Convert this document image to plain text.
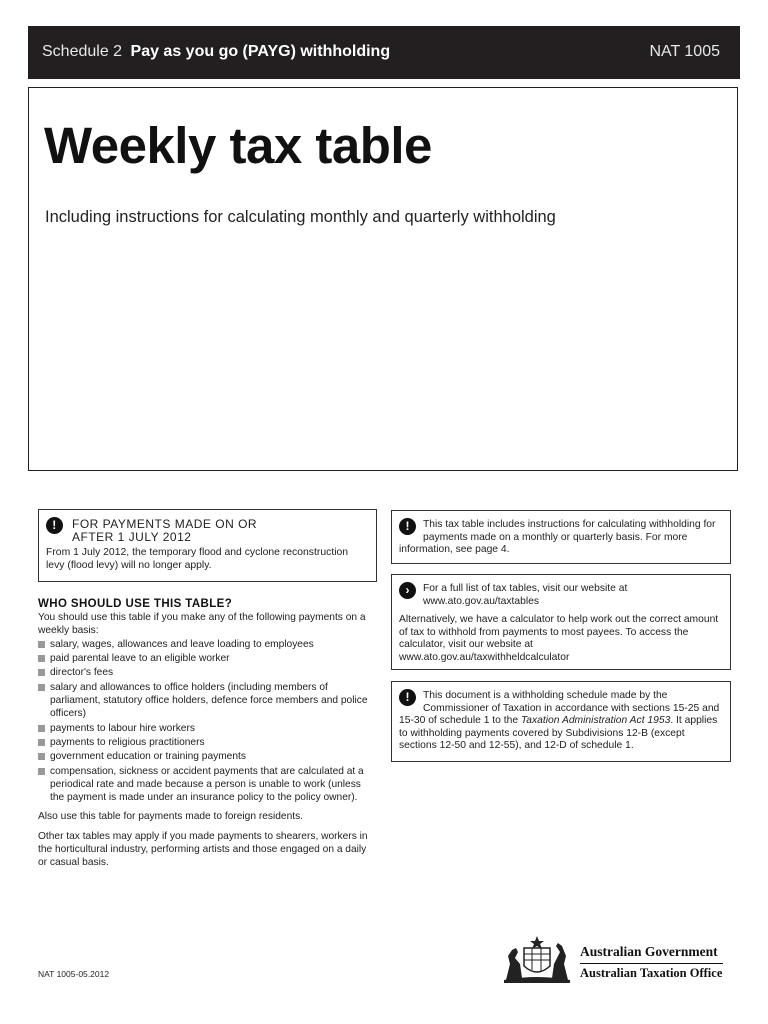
Schedule 2 Pay as you go (PAYG) withholding	NAT 1005
Weekly tax table
Including instructions for calculating monthly and quarterly withholding
!	FOR PAYMENTS MADE ON OR
AFTER 1 JULY 2012
From 1 July 2012, the temporary flood and cyclone reconstruction levy (flood levy) will no longer apply.
WHO SHOULD USE THIS TABLE?

You should use this table if you make any of the following payments on a weekly basis:

salary, wages, allowances and leave loading to employees
paid parental leave to an eligible worker
director's fees
salary and allowances to office holders (including members of parliament, statutory office holders, defence force members and police officers)
payments to labour hire workers
payments to religious practitioners
government education or training payments
compensation, sickness or accident payments that are calculated at a periodical rate and made because a person is unable to work (unless the payment is made under an insurance policy to the policy owner).

Also use this table for payments made to foreign residents.

Other tax tables may apply if you made payments to shearers, workers in the horticultural industry, performing artists and those engaged on a daily or casual basis.

!	This tax table includes instructions for calculating withholding for payments made on a monthly or quarterly basis. For more information, see page 4.
›	For a full list of tax tables, visit our website at
www.ato.gov.au/taxtables

Alternatively, we have a calculator to help work out the correct amount of tax to withhold from payments to most payees. To access the calculator, visit our website at
www.ato.gov.au/taxwithheldcalculator

!	This document is a withholding schedule made by the Commissioner of Taxation in accordance with sections 15-25 and 15-30 of schedule 1 to the Taxation Administration Act 1953. It applies to withholding payments covered by Subdivisions 12-B (except sections 12-50 and 12-55), and 12-D of schedule 1.
NAT 1005-05.2012
Australian Government
Australian Taxation Office
